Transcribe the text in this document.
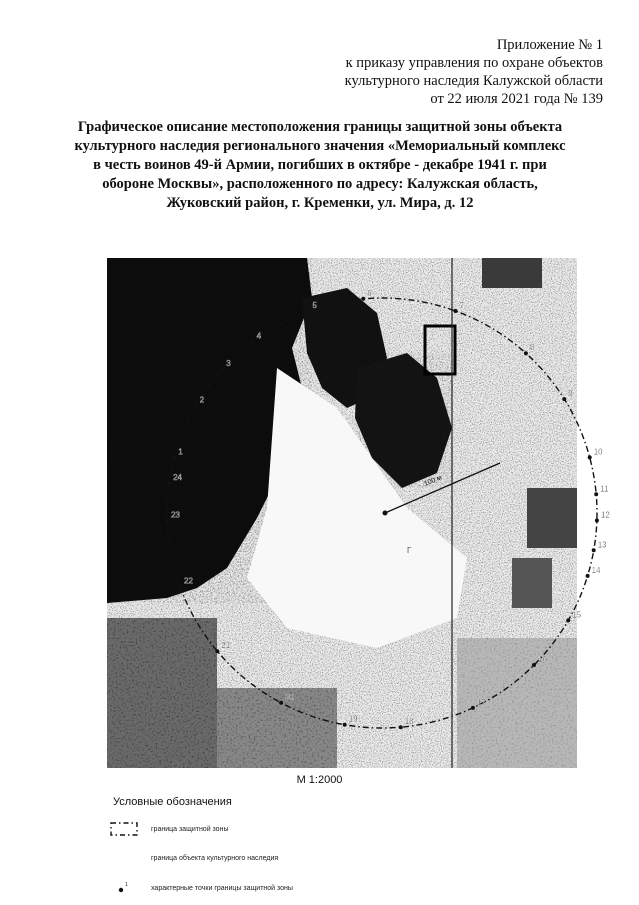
Приложение № 1
к приказу управления по охране объектов
культурного наследия Калужской области
от 22 июля 2021 года № 139
Графическое описание местоположения границы защитной зоны объекта культурного наследия регионального значения «Мемориальный комплекс в честь воинов 49-й Армии, погибших в октябре - декабре 1941 г. при обороне Москвы», расположенного по адресу: Калужская область, Жуковский район, г. Кременки, ул. Мира, д. 12
100 м
Г
1
2
3
4
5
6
7
8
9
10
11
12
13
14
15
16
17
18
19
20
21
22
23
24
М 1:2000
Условные обозначения
граница защитной зоны
граница объекта культурного наследия
1	характерные точки границы защитной зоны
